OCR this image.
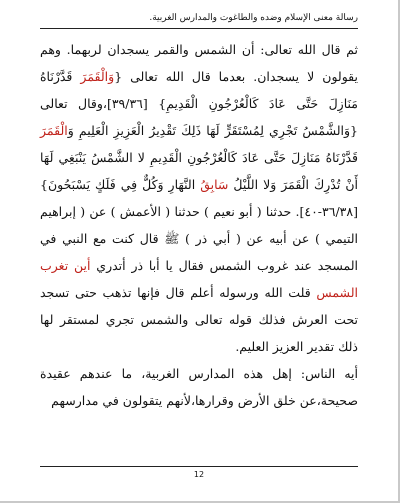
رسالة معنى الإسلام وضده والطاغوت والمدارس الغربية.

ثم قال الله تعالى: أن الشمس والقمر يسجدان لربهما. وهم يقولون لا يسجدان. بعدما قال الله تعالى {وَالْقَمَرَ قَدَّرْنَاهُ مَنَازِلَ حَتَّى عَادَ كَالْعُرْجُونِ الْقَدِيمِ} [٣٩/٣٦]،وقال تعالى {وَالشَّمْسُ تَجْرِي لِمُسْتَقَرٍّ لَهَا ذَلِكَ تَقْدِيرُ الْعَزِيزِ الْعَلِيمِ وَالْقَمَرَ قَدَّرْنَاهُ مَنَازِلَ حَتَّى عَادَ كَالْعُرْجُونِ الْقَدِيمِ لا الشَّمْسُ يَنْبَغِي لَهَا أَنْ تُدْرِكَ الْقَمَرَ وَلا اللَّيْلُ سَابِقُ النَّهَارِ وَكُلٌّ فِي فَلَكٍ يَسْبَحُونَ} [٣٦/٣٨-٤٠]. حدثنا ( أبو نعيم ) حدثنا ( الأعمش ) عن ( إبراهيم التيمي ) عن أبيه عن ( أبي ذر ) ﷺ قال كنت مع النبي في المسجد عند غروب الشمس فقال يا أبا ذر أتدري أين تغرب الشمس قلت الله ورسوله أعلم قال فإنها تذهب حتى تسجد تحت العرش فذلك قوله تعالى والشمس تجري لمستقر لها ذلك تقدير العزيز العليم.

أيه الناس: إهل هذه المدارس الغربية، ما عندهم عقيدة صحيحة،عن خلق الأرض وقرارها،لأنهم يتقولون في مدارسهم

12
